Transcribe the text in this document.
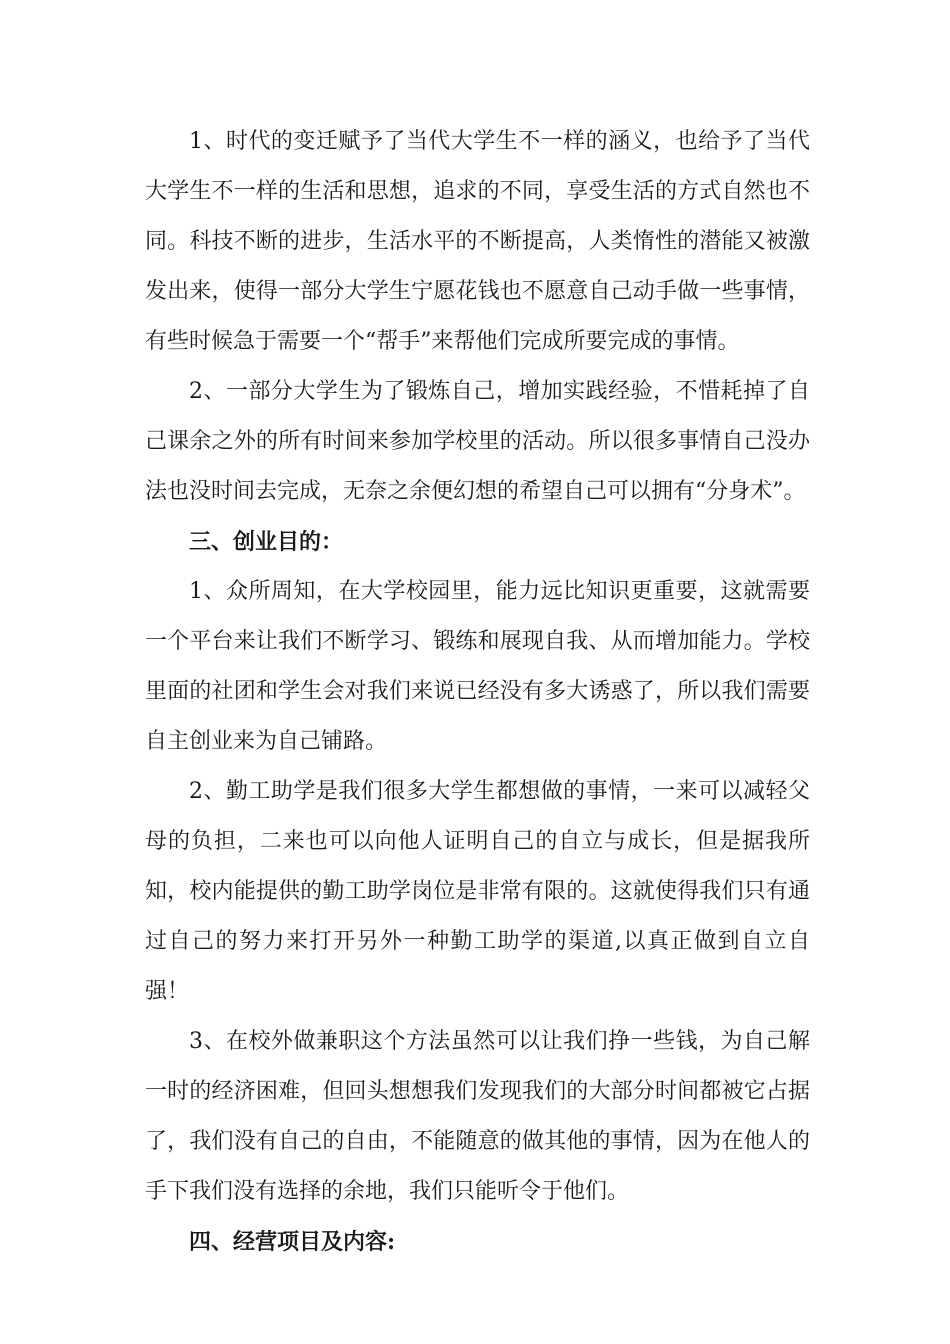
1、时代的变迁赋予了当代大学生不一样的涵义，也给予了当代大学生不一样的生活和思想，追求的不同，享受生活的方式自然也不同。科技不断的进步，生活水平的不断提高，人类惰性的潜能又被激发出来，使得一部分大学生宁愿花钱也不愿意自己动手做一些事情，有些时候急于需要一个“帮手”来帮他们完成所要完成的事情。

2、一部分大学生为了锻炼自己，增加实践经验，不惜耗掉了自己课余之外的所有时间来参加学校里的活动。所以很多事情自己没办法也没时间去完成，无奈之余便幻想的希望自己可以拥有“分身术”。

三、创业目的：

1、众所周知，在大学校园里，能力远比知识更重要，这就需要一个平台来让我们不断学习、锻练和展现自我、从而增加能力。学校里面的社团和学生会对我们来说已经没有多大诱惑了，所以我们需要自主创业来为自己铺路。

2、勤工助学是我们很多大学生都想做的事情，一来可以减轻父母的负担，二来也可以向他人证明自己的自立与成长，但是据我所知，校内能提供的勤工助学岗位是非常有限的。这就使得我们只有通过自己的努力来打开另外一种勤工助学的渠道,以真正做到自立自强！

3、在校外做兼职这个方法虽然可以让我们挣一些钱，为自己解一时的经济困难，但回头想想我们发现我们的大部分时间都被它占据了，我们没有自己的自由，不能随意的做其他的事情，因为在他人的手下我们没有选择的余地，我们只能听令于他们。

四、经营项目及内容:
